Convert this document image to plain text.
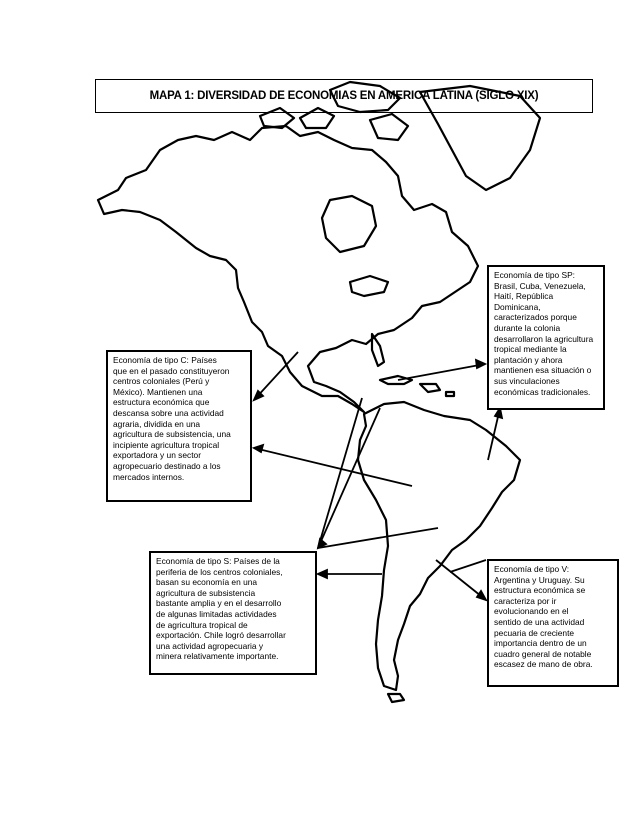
MAPA 1: DIVERSIDAD DE ECONOMIAS EN AMERICA LATINA (SIGLO XIX)
Economía de tipo SP:
Brasil, Cuba, Venezuela,
Haití, República
Dominicana,
caracterizados porque
durante la colonia
desarrollaron la agricultura
tropical mediante la
plantación y ahora
mantienen esa situación o
sus vinculaciones
económicas tradicionales.
Economía de tipo C: Países
que en el pasado constituyeron
centros coloniales (Perú y
México). Mantienen una
estructura económica que
descansa sobre una actividad
agraria, dividida en una
agricultura de subsistencia, una
incipiente agricultura tropical
exportadora y un sector
agropecuario destinado a los
mercados internos.
Economía de tipo S: Países de la
periferia de los centros coloniales,
basan su economía en una
agricultura de subsistencia
bastante amplia y en el desarrollo
de algunas limitadas actividades
de agricultura tropical de
exportación. Chile logró desarrollar
una actividad agropecuaria y
minera relativamente importante.
Economía de tipo V:
Argentina y Uruguay. Su
estructura económica se
caracteriza por ir
evolucionando en el
sentido de una actividad
pecuaria de creciente
importancia dentro de un
cuadro general de notable
escasez de mano de obra.
